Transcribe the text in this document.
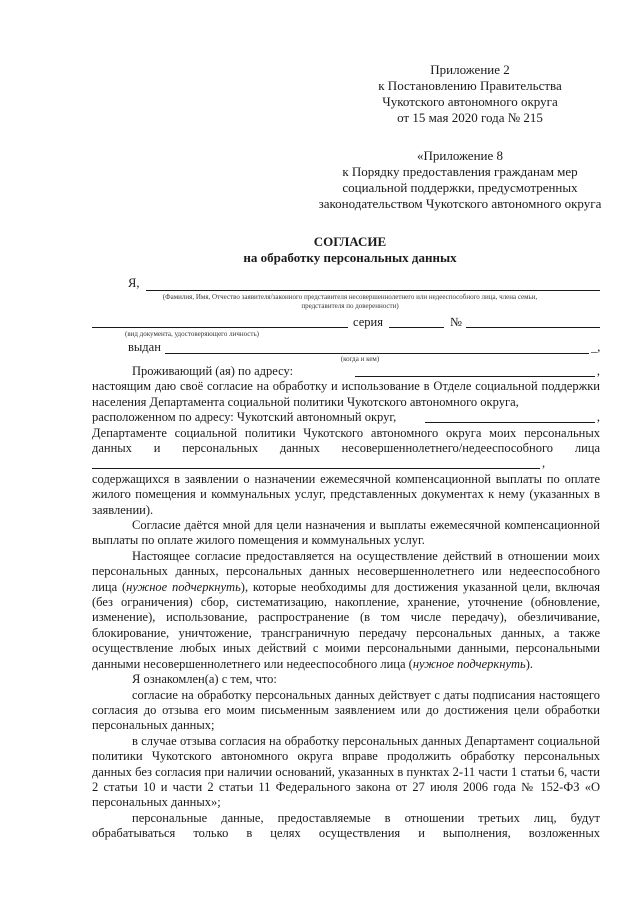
Приложение 2
к Постановлению Правительства
Чукотского автономного округа
от 15 мая 2020 года № 215
«Приложение 8
к Порядку предоставления гражданам мер
социальной поддержки, предусмотренных
законодательством Чукотского автономного округа
СОГЛАСИЕ
на обработку персональных данных
Я,
(Фамилия, Имя, Отчество заявителя/законного представителя несовершеннолетнего или недееспособного лица, члена семьи,
представителя по доверенности)
серия	№
(вид документа, удостоверяющего личность)
выдан	_,
(когда и кем)

Проживающий (ая) по адресу:	,

настоящим даю своё согласие на обработку и использование в Отделе социальной поддержки населения Департамента социальной политики Чукотского автономного округа,

расположенном по адресу: Чукотский автономный округ,	,

Департаменте социальной политики Чукотского автономного округа моих персональных данных и персональных данных несовершеннолетнего/недееспособного лица

,

содержащихся в заявлении о назначении ежемесячной компенсационной выплаты по оплате жилого помещения и коммунальных услуг, представленных документах к нему (указанных в заявлении).

Согласие даётся мной для цели назначения и выплаты ежемесячной компенсационной выплаты по оплате жилого помещения и коммунальных услуг.

Настоящее согласие предоставляется на осуществление действий в отношении моих персональных данных, персональных данных несовершеннолетнего или недееспособного лица (нужное подчеркнуть), которые необходимы для достижения указанной цели, включая (без ограничения) сбор, систематизацию, накопление, хранение, уточнение (обновление, изменение), использование, распространение (в том числе передачу), обезличивание, блокирование, уничтожение, трансграничную передачу персональных данных, а также осуществление любых иных действий с моими персональными данными, персональными данными несовершеннолетнего или недееспособного лица (нужное подчеркнуть).

Я ознакомлен(а) с тем, что:

согласие на обработку персональных данных действует с даты подписания настоящего согласия до отзыва его моим письменным заявлением или до достижения цели обработки персональных данных;

в случае отзыва согласия на обработку персональных данных Департамент социальной политики Чукотского автономного округа вправе продолжить обработку персональных данных без согласия при наличии оснований, указанных в пунктах 2-11 части 1 статьи 6, части 2 статьи 10 и части 2 статьи 11 Федерального закона от 27 июля 2006 года № 152-ФЗ «О персональных данных»;

персональные данные, предоставляемые в отношении третьих лиц, будут обрабатываться только в целях осуществления и выполнения, возложенных
